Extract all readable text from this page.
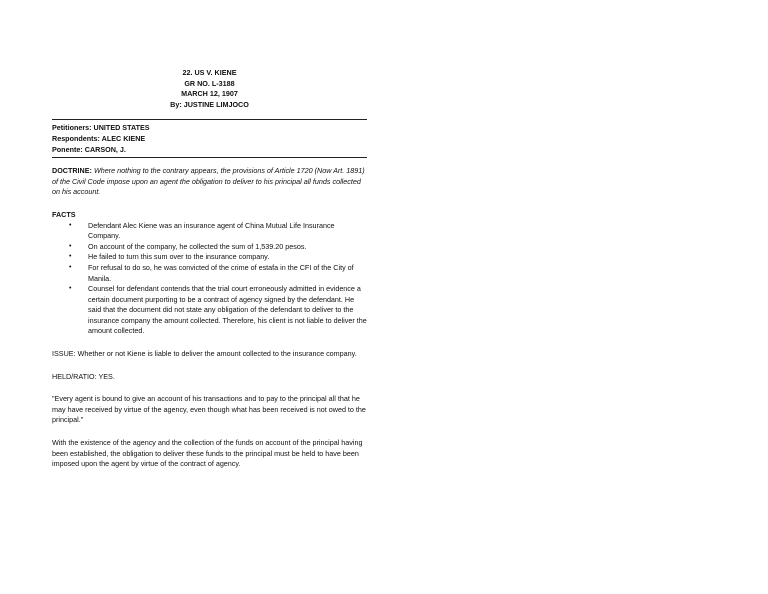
22. US V. KIENE
GR NO. L-3188
MARCH 12, 1907
By: JUSTINE LIMJOCO
Petitioners: UNITED STATES
Respondents: ALEC KIENE
Ponente: CARSON, J.
DOCTRINE: Where nothing to the contrary appears, the provisions of Article 1720 (Now Art. 1891) of the Civil Code impose upon an agent the obligation to deliver to his principal all funds collected on his account.
FACTS
• Defendant Alec Kiene was an insurance agent of China Mutual Life Insurance Company.
• On account of the company, he collected the sum of 1,539.20 pesos.
• He failed to turn this sum over to the insurance company.
• For refusal to do so, he was convicted of the crime of estafa in the CFI of the City of Manila.
• Counsel for defendant contends that the trial court erroneously admitted in evidence a certain document purporting to be a contract of agency signed by the defendant. He said that the document did not state any obligation of the defendant to deliver to the insurance company the amount collected. Therefore, his client is not liable to deliver the amount collected.
ISSUE: Whether or not Kiene is liable to deliver the amount collected to the insurance company.
HELD/RATIO: YES.
"Every agent is bound to give an account of his transactions and to pay to the principal all that he may have received by virtue of the agency, even though what has been received is not owed to the principal."
With the existence of the agency and the collection of the funds on account of the principal having been established, the obligation to deliver these funds to the principal must be held to have been imposed upon the agent by virtue of the contract of agency.
